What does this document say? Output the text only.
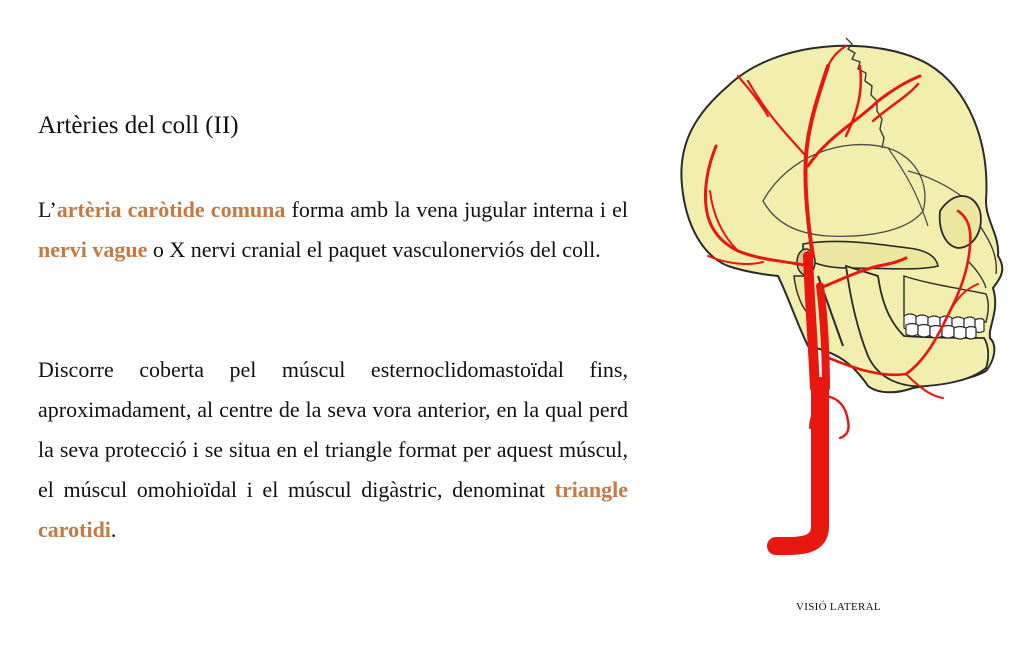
Artèries del coll (II)

L’artèria caròtide comuna forma amb la vena jugular interna i el nervi vague o X nervi cranial el paquet vasculonerviós del coll.

Discorre coberta pel múscul esternoclidomastoïdal fins, aproximadament, al centre de la seva vora anterior, en la qual perd la seva protecció i se situa en el triangle format per aquest múscul, el múscul omohioïdal i el múscul digàstric, denominat triangle carotidi.

VISIÓ LATERAL
